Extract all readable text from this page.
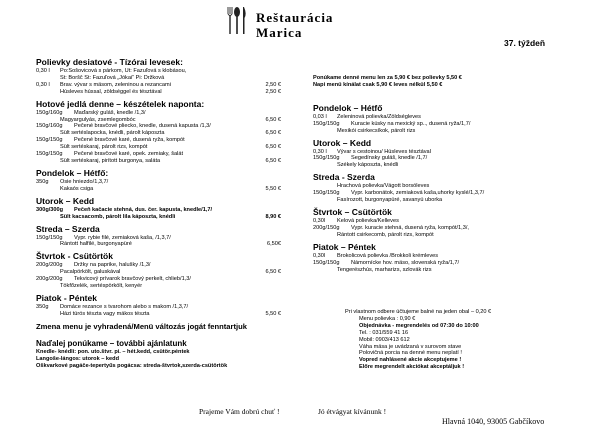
Reštaurácia
Marica
37. týždeň
Polievky desiatové - Tízórai levesek:
0,30 l	Po:Šošovicová s párkom, Ut: Fazuľová s klobásou,
St: Boršč St: Fazuľová „Jókai“ Pi: Držková
0,30 l	Brav. vývar s mäsom, zeleninou a rezancami	2,50 €
Húsleves hússal, zöldséggel és tésztával	2,50 €
Hotové jedlá denne – készételek naponta:
150g/160g	Maďarský guláš, knedle /1,3/
Magyargulyás, zsemlegombóc	6,50 €
150g/160g	Pečené bravčové pliecko, knedle, dusená kapusta /1,3/
Sült sertéslapocka, knédli, párolt káposzta	6,50 €
150g/150g	Pečené bravčové karé, dusená ryža, kompót
Sült sertéskaraj, párolt rizs, kompót	6,50 €
150g/150g	Pečené bravčové karé, opek. zemiaky, šalát
Sült sertéskaraj, pirított burgonya, saláta	6,50 €
Pondelok – Hétfő:
350g	Osie hniezdo/1,3,7/
Kakaós csiga	5,50 €
Utorok – Kedd
300g/300g	Pečeň kačacie stehná, dus. čer. kapusta, knedle/1,7/
Sült kacsacomb, párolt lila káposzta, knédli	8,90 €
Streda – Szerda
150g/150g	Vypr. rybie filé, zemiaková kaša, /1,3,7/
Rántott halfilé, burgonyapüré	6,50€
Štvrtok - Csütörtök
200g/200g	Držky na paprike, halušky /1,3/
Pacalpörkölt, galuskával	6,50 €
200g/200g	Tekvicový prívarok bravčový perkelt, chlieb/1,3/
Tökfőzelék, sertéspörkölt, kenyér
Piatok - Péntek
350g	Domáce rezance s tvarohom alebo s makom /1,3,7/
Házi túrós tészta vagy mákos tészta	5,50 €
Zmena menu je vyhradená/Menü változás jogát fenntartjuk
Naďalej ponúkame – további ajánlatunk
Knedle- knédli: pon. uto.štvr. pi. – hét.kedd, csütör.péntek
Langoše-lángos: utorok – kedd
Oškvarkové pagáče-tepertyűs pogácsa: streda-štvrtok,szerda-csütörtök
Ponúkame denné menu len za 5,90 € bez polievky 5,50 €
Napi menü kínálat csak 5,90 € leves nélkül 5,50 €
Pondelok – Hétfő
0,03 l	Zeleninová polievka/Zöldségleves
150g/150g	Kuracie kúsky na mexický sp.., dusená ryža/1,7/
Mexikói csirkecsíkok, párolt rizs
Utorok – Kedd
0,30 l	Vývar s cestoinou/ Húsleves tésztával
150g/150g	Segedínsky guláš, knedle /1,7/
Székely káposzta, knédli
Streda - Szerda
Hrachová polievka/Vágott borsóleves
150g/150g	Vypr. karbonátok, zemiaková kaša,uhorky kyslé/1,3,7/
Fasírozott, burgonyapüré, savanyú uborka
Štvrtok – Csütörtök
0,30l	Kelová polievka/Kelleves
200g/150g	Vypr. kuracie stehná, dusená ryža, kompót/1,3/,
Rántott csirkecomb, párolt rizs, kompót
Piatok – Péntek
0,30l	Brokolicová polievka /Brokkoli krémleves
150g/150g	Námornícke hov. mäso, slovenská ryža/1,7/
Tengerészhús, marharizs, szlovák rizs
Pri vlastnom odbere účtujeme balné na jeden obal – 0,20 €
Menu polievka : 0,90 €
Objednávka - megrendelés od 07:30 do 10:00
Tel. : 031/559 41 16
Mobil: 0903/413 612
Váha mäsa je uvádzaná v surovom stave
Polovičná porcia na denné menu neplatí !
Vopred nahlásené akcie akceptujeme !
Előre megrendelt akciókat akceptáljuk !
Prajeme Vám dobrú chuť !	Jó étvágyat kívánunk !
Hlavná 1040, 93005 Gabčíkovo
